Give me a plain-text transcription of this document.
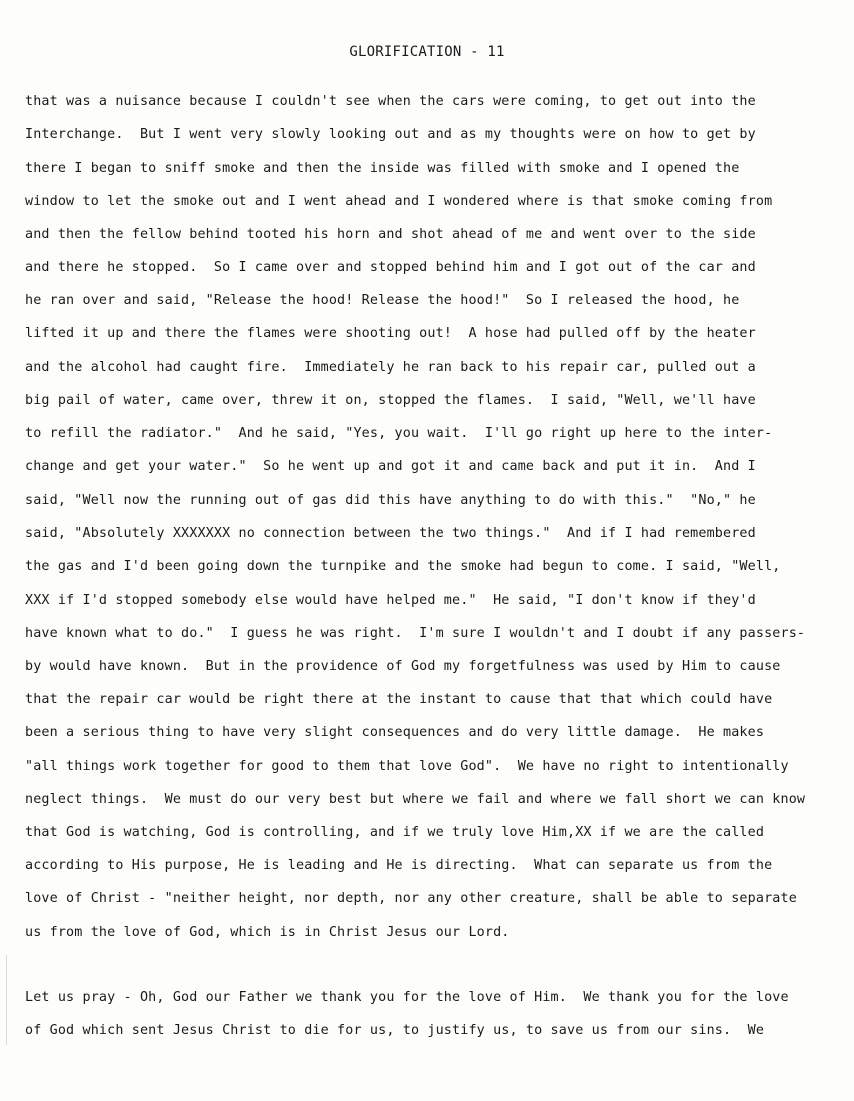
GLORIFICATION - 11
that was a nuisance because I couldn't see when the cars were coming, to get out into the
Interchange.  But I went very slowly looking out and as my thoughts were on how to get by
there I began to sniff smoke and then the inside was filled with smoke and I opened the
window to let the smoke out and I went ahead and I wondered where is that smoke coming from
and then the fellow behind tooted his horn and shot ahead of me and went over to the side
and there he stopped.  So I came over and stopped behind him and I got out of the car and
he ran over and said, "Release the hood! Release the hood!"  So I released the hood, he
lifted it up and there the flames were shooting out!  A hose had pulled off by the heater
and the alcohol had caught fire.  Immediately he ran back to his repair car, pulled out a
big pail of water, came over, threw it on, stopped the flames.  I said, "Well, we'll have
to refill the radiator."  And he said, "Yes, you wait.  I'll go right up here to the inter-
change and get your water."  So he went up and got it and came back and put it in.  And I
said, "Well now the running out of gas did this have anything to do with this."  "No," he
said, "Absolutely XXXXXXX no connection between the two things."  And if I had remembered
the gas and I'd been going down the turnpike and the smoke had begun to come. I said, "Well,
XXX if I'd stopped somebody else would have helped me."  He said, "I don't know if they'd
have known what to do."  I guess he was right.  I'm sure I wouldn't and I doubt if any passers-
by would have known.  But in the providence of God my forgetfulness was used by Him to cause
that the repair car would be right there at the instant to cause that that which could have
been a serious thing to have very slight consequences and do very little damage.  He makes
"all things work together for good to them that love God".  We have no right to intentionally
neglect things.  We must do our very best but where we fail and where we fall short we can know
that God is watching, God is controlling, and if we truly love Him,XX if we are the called
according to His purpose, He is leading and He is directing.  What can separate us from the
love of Christ - "neither height, nor depth, nor any other creature, shall be able to separate
us from the love of God, which is in Christ Jesus our Lord.
Let us pray - Oh, God our Father we thank you for the love of Him.  We thank you for the love
of God which sent Jesus Christ to die for us, to justify us, to save us from our sins.  We
